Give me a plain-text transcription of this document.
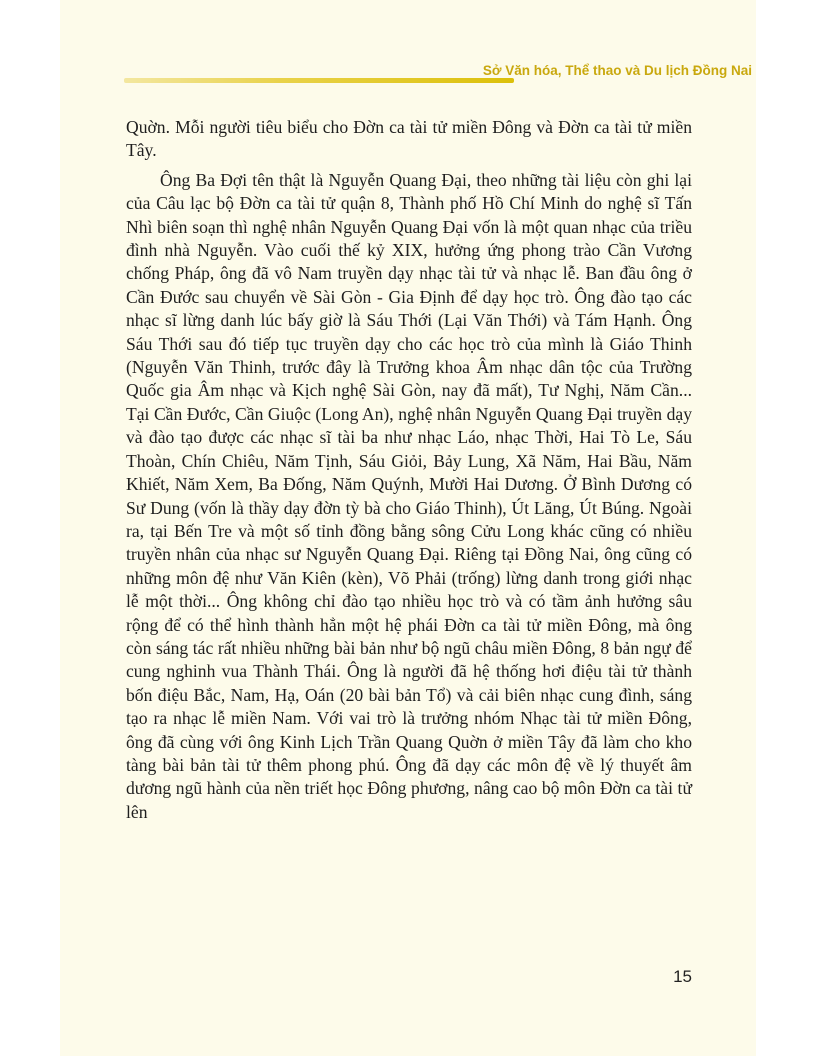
Sở Văn hóa, Thể thao và Du lịch Đồng Nai

Quờn. Mỗi người tiêu biểu cho Đờn ca tài tử miền Đông và Đờn ca tài tử miền Tây.

Ông Ba Đợi tên thật là Nguyễn Quang Đại, theo những tài liệu còn ghi lại của Câu lạc bộ Đờn ca tài tử quận 8, Thành phố Hồ Chí Minh do nghệ sĩ Tấn Nhì biên soạn thì nghệ nhân Nguyễn Quang Đại vốn là một quan nhạc của triều đình nhà Nguyễn. Vào cuối thế kỷ XIX, hưởng ứng phong trào Cần Vương chống Pháp, ông đã vô Nam truyền dạy nhạc tài tử và nhạc lễ. Ban đầu ông ở Cần Đước sau chuyển về Sài Gòn - Gia Định để dạy học trò. Ông đào tạo các nhạc sĩ lừng danh lúc bấy giờ là Sáu Thới (Lại Văn Thới) và Tám Hạnh. Ông Sáu Thới sau đó tiếp tục truyền dạy cho các học trò của mình là Giáo Thinh (Nguyễn Văn Thinh, trước đây là Trưởng khoa Âm nhạc dân tộc của Trường Quốc gia Âm nhạc và Kịch nghệ Sài Gòn, nay đã mất), Tư Nghị, Năm Cần... Tại Cần Đước, Cần Giuộc (Long An), nghệ nhân Nguyễn Quang Đại truyền dạy và đào tạo được các nhạc sĩ tài ba như nhạc Láo, nhạc Thời, Hai Tò Le, Sáu Thoàn, Chín Chiêu, Năm Tịnh, Sáu Giỏi, Bảy Lung, Xã Năm, Hai Bầu, Năm Khiết, Năm Xem, Ba Đống, Năm Quýnh, Mười Hai Dương. Ở Bình Dương có Sư Dung (vốn là thầy dạy đờn tỳ bà cho Giáo Thinh), Út Lăng, Út Búng. Ngoài ra, tại Bến Tre và một số tỉnh đồng bằng sông Cửu Long khác cũng có nhiều truyền nhân của nhạc sư Nguyễn Quang Đại. Riêng tại Đồng Nai, ông cũng có những môn đệ như Văn Kiên (kèn), Võ Phải (trống) lừng danh trong giới nhạc lễ một thời... Ông không chỉ đào tạo nhiều học trò và có tầm ảnh hưởng sâu rộng để có thể hình thành hẳn một hệ phái Đờn ca tài tử miền Đông, mà ông còn sáng tác rất nhiều những bài bản như bộ ngũ châu miền Đông, 8 bản ngự để cung nghinh vua Thành Thái. Ông là người đã hệ thống hơi điệu tài tử thành bốn điệu Bắc, Nam, Hạ, Oán (20 bài bản Tổ) và cải biên nhạc cung đình, sáng tạo ra nhạc lễ miền Nam. Với vai trò là trưởng nhóm Nhạc tài tử miền Đông, ông đã cùng với ông Kinh Lịch Trần Quang Quờn ở miền Tây đã làm cho kho tàng bài bản tài tử thêm phong phú. Ông đã dạy các môn đệ về lý thuyết âm dương ngũ hành của nền triết học Đông phương, nâng cao bộ môn Đờn ca tài tử lên

15
